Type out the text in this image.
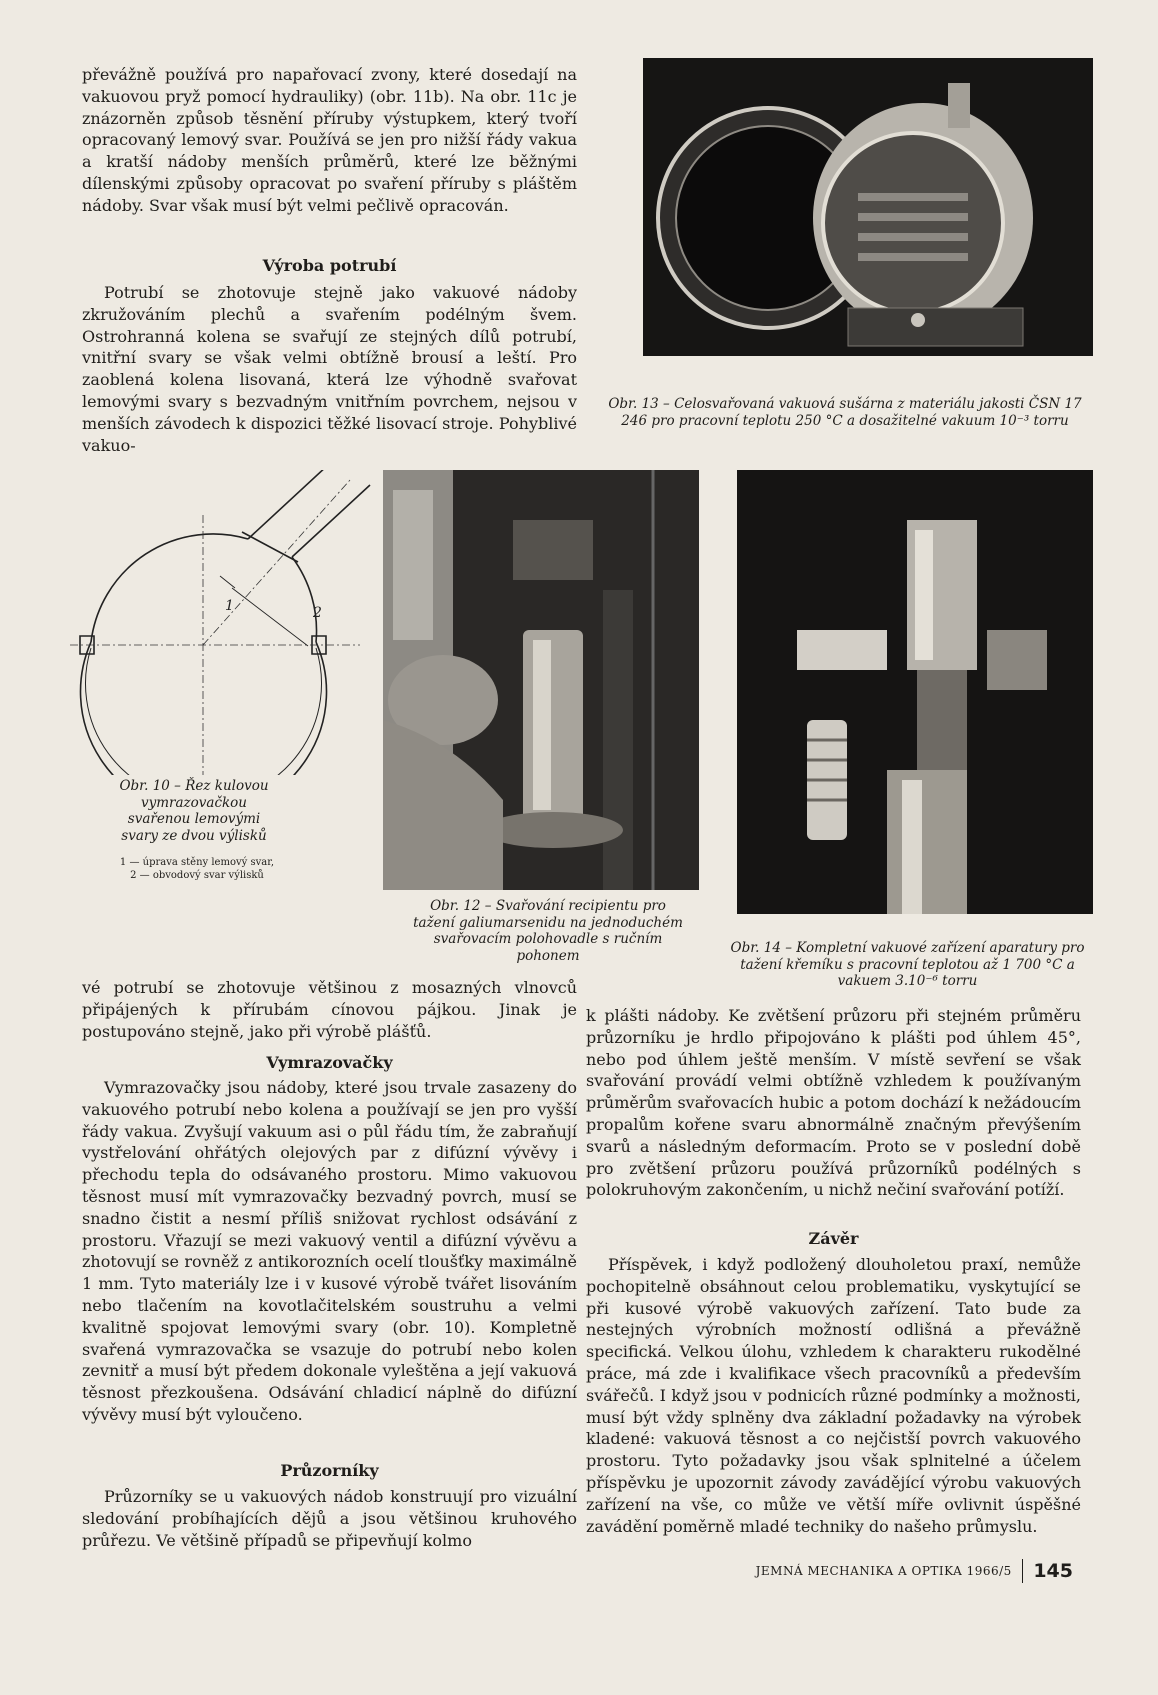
převážně používá pro napařovací zvony, které dosedají na vakuovou pryž pomocí hydrauliky) (obr. 11b). Na obr. 11c je znázorněn způsob těsnění příruby výstupkem, který tvoří opracovaný lemový svar. Používá se jen pro nižší řády vakua a kratší nádoby menších průměrů, které lze běžnými dílenskými způsoby opracovat po svaření příruby s pláštěm nádoby. Svar však musí být velmi pečlivě opracován.

Výroba potrubí

Potrubí se zhotovuje stejně jako vakuové nádoby zkružováním plechů a svařením podélným švem. Ostrohranná kolena se svařují ze stejných dílů potrubí, vnitřní svary se však velmi obtížně brousí a leští. Pro zaoblená kolena lisovaná, která lze výhodně svařovat lemovými svary s bezvadným vnitřním povrchem, nejsou v menších závodech k dispozici těžké lisovací stroje. Pohyblivé vakuo-

1	2

Obr. 10 – Řez kulovou vymrazovačkou svařenou lemovými svary ze dvou výlisků

1 — úprava stěny lemový svar, 2 — obvodový svar výlisků

Obr. 12 – Svařování recipientu pro tažení galiumarsenidu na jednoduchém svařovacím polohovadle s ručním pohonem

vé potrubí se zhotovuje většinou z mosazných vlnovců připájených k přírubám cínovou pájkou. Jinak je postupováno stejně, jako při výrobě plášťů.

Vymrazovačky

Vymrazovačky jsou nádoby, které jsou trvale zasazeny do vakuového potrubí nebo kolena a používají se jen pro vyšší řády vakua. Zvyšují vakuum asi o půl řádu tím, že zabraňují vystřelování ohřátých olejových par z difúzní vývěvy i přechodu tepla do odsávaného prostoru. Mimo vakuovou těsnost musí mít vymrazovačky bezvadný povrch, musí se snadno čistit a nesmí příliš snižovat rychlost odsávání z prostoru. Vřazují se mezi vakuový ventil a difúzní vývěvu a zhotovují se rovněž z antikorozních ocelí tloušťky maximálně 1 mm. Tyto materiály lze i v kusové výrobě tvářet lisováním nebo tlačením na kovotlačitelském soustruhu a velmi kvalitně spojovat lemovými svary (obr. 10). Kompletně svařená vymrazovačka se vsazuje do potrubí nebo kolen zevnitř a musí být předem dokonale vyleštěna a její vakuová těsnost přezkoušena. Odsávání chladicí náplně do difúzní vývěvy musí být vyloučeno.

Průzorníky

Průzorníky se u vakuových nádob konstruují pro vizuální sledování probíhajících dějů a jsou většinou kruhového průřezu. Ve většině případů se připevňují kolmo

Obr. 13 – Celosvařovaná vakuová sušárna z materiálu jakosti ČSN 17 246 pro pracovní teplotu 250 °C a dosažitelné vakuum 10⁻³ torru

Obr. 14 – Kompletní vakuové zařízení aparatury pro tažení křemíku s pracovní teplotou až 1 700 °C a vakuem 3.10⁻⁶ torru

k plášti nádoby. Ke zvětšení průzoru při stejném průměru průzorníku je hrdlo připojováno k plášti pod úhlem 45°, nebo pod úhlem ještě menším. V místě sevření se však svařování provádí velmi obtížně vzhledem k používaným průměrům svařovacích hubic a potom dochází k nežádoucím propalům kořene svaru abnormálně značným převýšením svarů a následným deformacím. Proto se v poslední době pro zvětšení průzoru používá průzorníků podélných s polokruhovým zakončením, u nichž nečiní svařování potíží.

Závěr

Příspěvek, i když podložený dlouholetou praxí, nemůže pochopitelně obsáhnout celou problematiku, vyskytující se při kusové výrobě vakuových zařízení. Tato bude za nestejných výrobních možností odlišná a převážně specifická. Velkou úlohu, vzhledem k charakteru rukodělné práce, má zde i kvalifikace všech pracovníků a především svářečů. I když jsou v podnicích různé podmínky a možnosti, musí být vždy splněny dva základní požadavky na výrobek kladené: vakuová těsnost a co nejčistší povrch vakuového prostoru. Tyto požadavky jsou však splnitelné a účelem příspěvku je upozornit závody zavádějící výrobu vakuových zařízení na vše, co může ve větší míře ovlivnit úspěšné zavádění poměrně mladé techniky do našeho průmyslu.

JEMNÁ MECHANIKA A OPTIKA 1966/5 145
